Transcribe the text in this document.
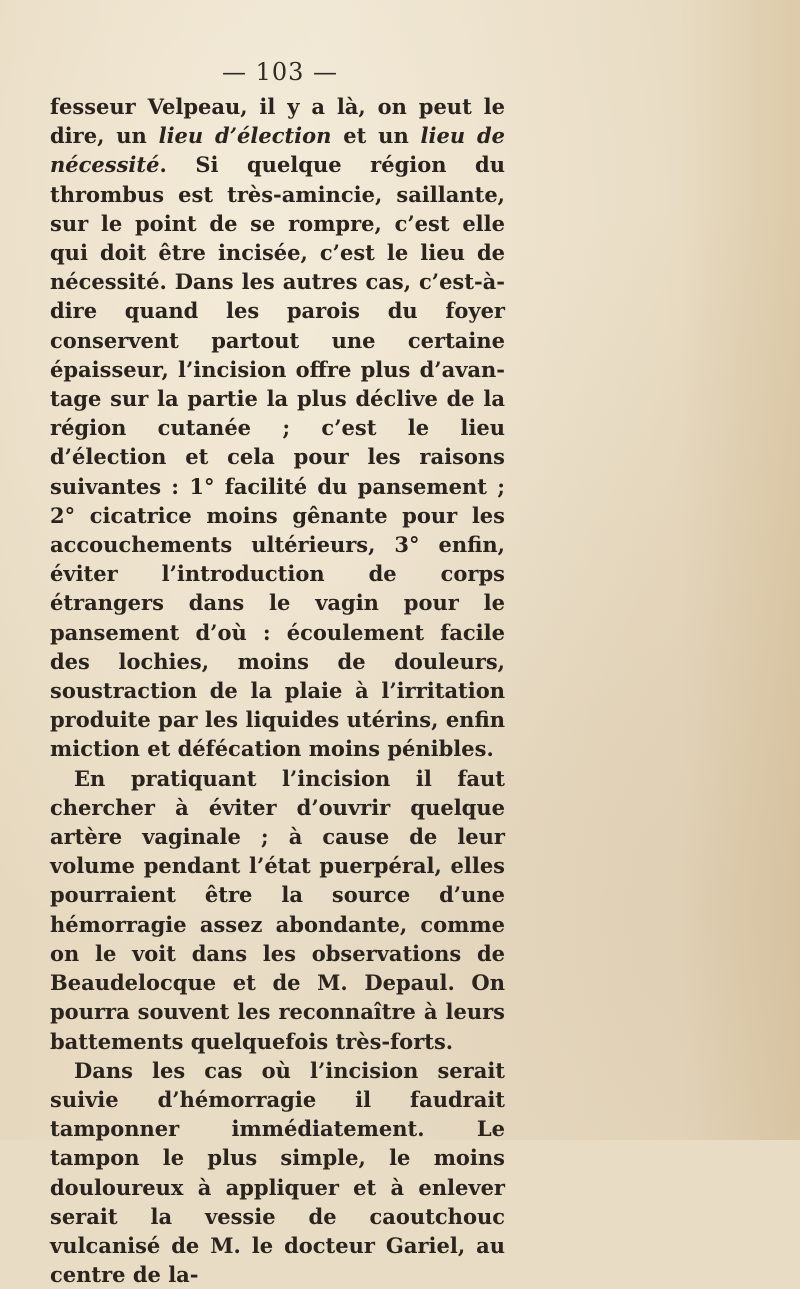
— 103 —

fesseur Velpeau, il y a là, on peut le dire, un lieu d’élection et un lieu de nécessité. Si quelque région du thrombus est très-amincie, saillante, sur le point de se rompre, c’est elle qui doit être incisée, c’est le lieu de nécessité. Dans les autres cas, c’est-à-dire quand les parois du foyer conservent partout une certaine épaisseur, l’incision offre plus d’avantage sur la partie la plus déclive de la région cutanée ; c’est le lieu d’élection et cela pour les raisons suivantes : 1° facilité du pansement ; 2° cicatrice moins gênante pour les accouchements ultérieurs, 3° enfin, éviter l’introduction de corps étrangers dans le vagin pour le pansement d’où : écoulement facile des lochies, moins de douleurs, soustraction de la plaie à l’irritation produite par les liquides utérins, enfin miction et défécation moins pénibles.

En pratiquant l’incision il faut chercher à éviter d’ouvrir quelque artère vaginale ; à cause de leur volume pendant l’état puerpéral, elles pourraient être la source d’une hémorragie assez abondante, comme on le voit dans les observations de Beaudelocque et de M. Depaul. On pourra souvent les reconnaître à leurs battements quelquefois très-forts.

Dans les cas où l’incision serait suivie d’hémorragie il faudrait tamponner immédiatement. Le tampon le plus simple, le moins douloureux à appliquer et à enlever serait la vessie de caoutchouc vulcanisé de M. le docteur Gariel, au centre de la-
